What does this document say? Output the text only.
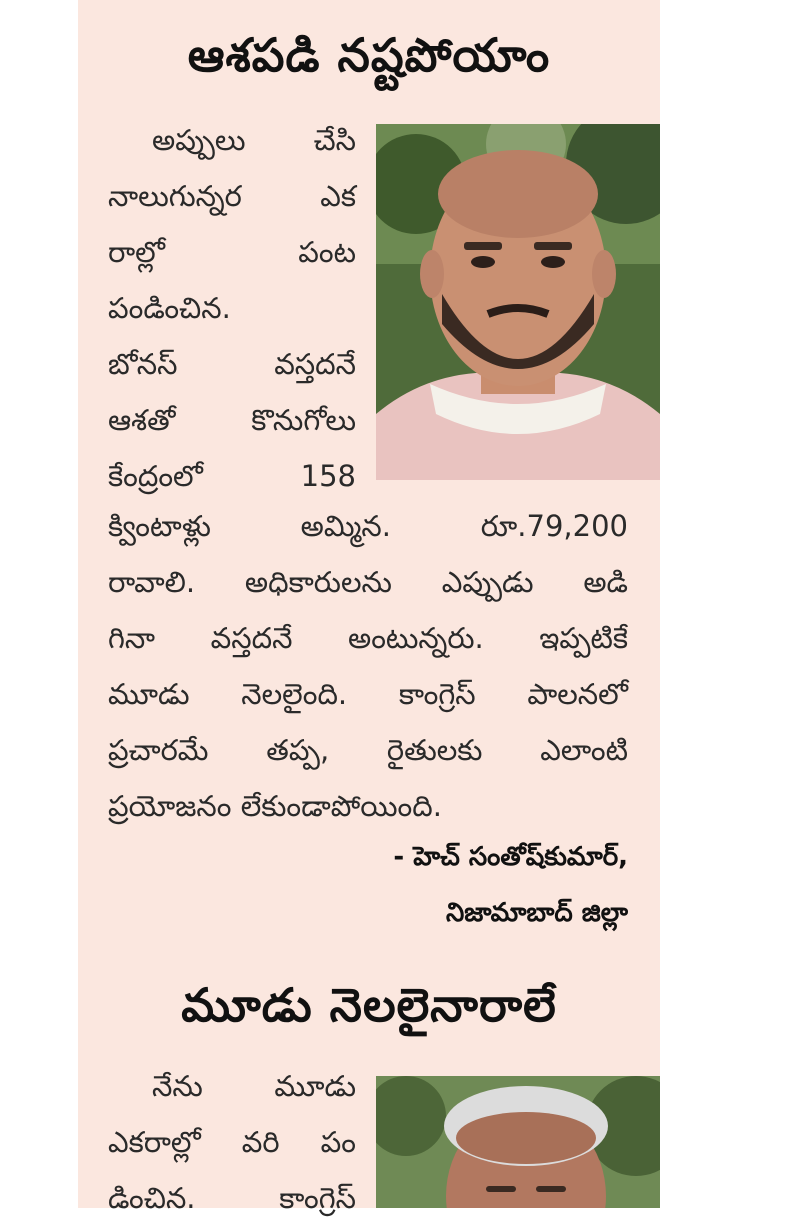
ఆశపడి నష్టపోయాం
అప్పులు చేసి
నాలుగున్నర ఎక
రాల్లో పంట
పండించిన.
బోనస్ వస్తదనే
ఆశతో కొనుగోలు
కేంద్రంలో 158
క్వింటాళ్లు అమ్మిన. రూ.79,200
రావాలి. అధికారులను ఎప్పుడు అడి
గినా వస్తదనే అంటున్నరు. ఇప్పటికే
మూడు నెలలైంది. కాంగ్రెస్ పాలనలో
ప్రచారమే తప్ప, రైతులకు ఎలాంటి
ప్రయోజనం లేకుండాపోయింది.
- హెచ్ సంతోష్‌కుమార్,
నిజామాబాద్ జిల్లా
మూడు నెలలైనారాలే
నేను మూడు
ఎకరాల్లో వరి పం
డించిన. కాంగ్రెస్
